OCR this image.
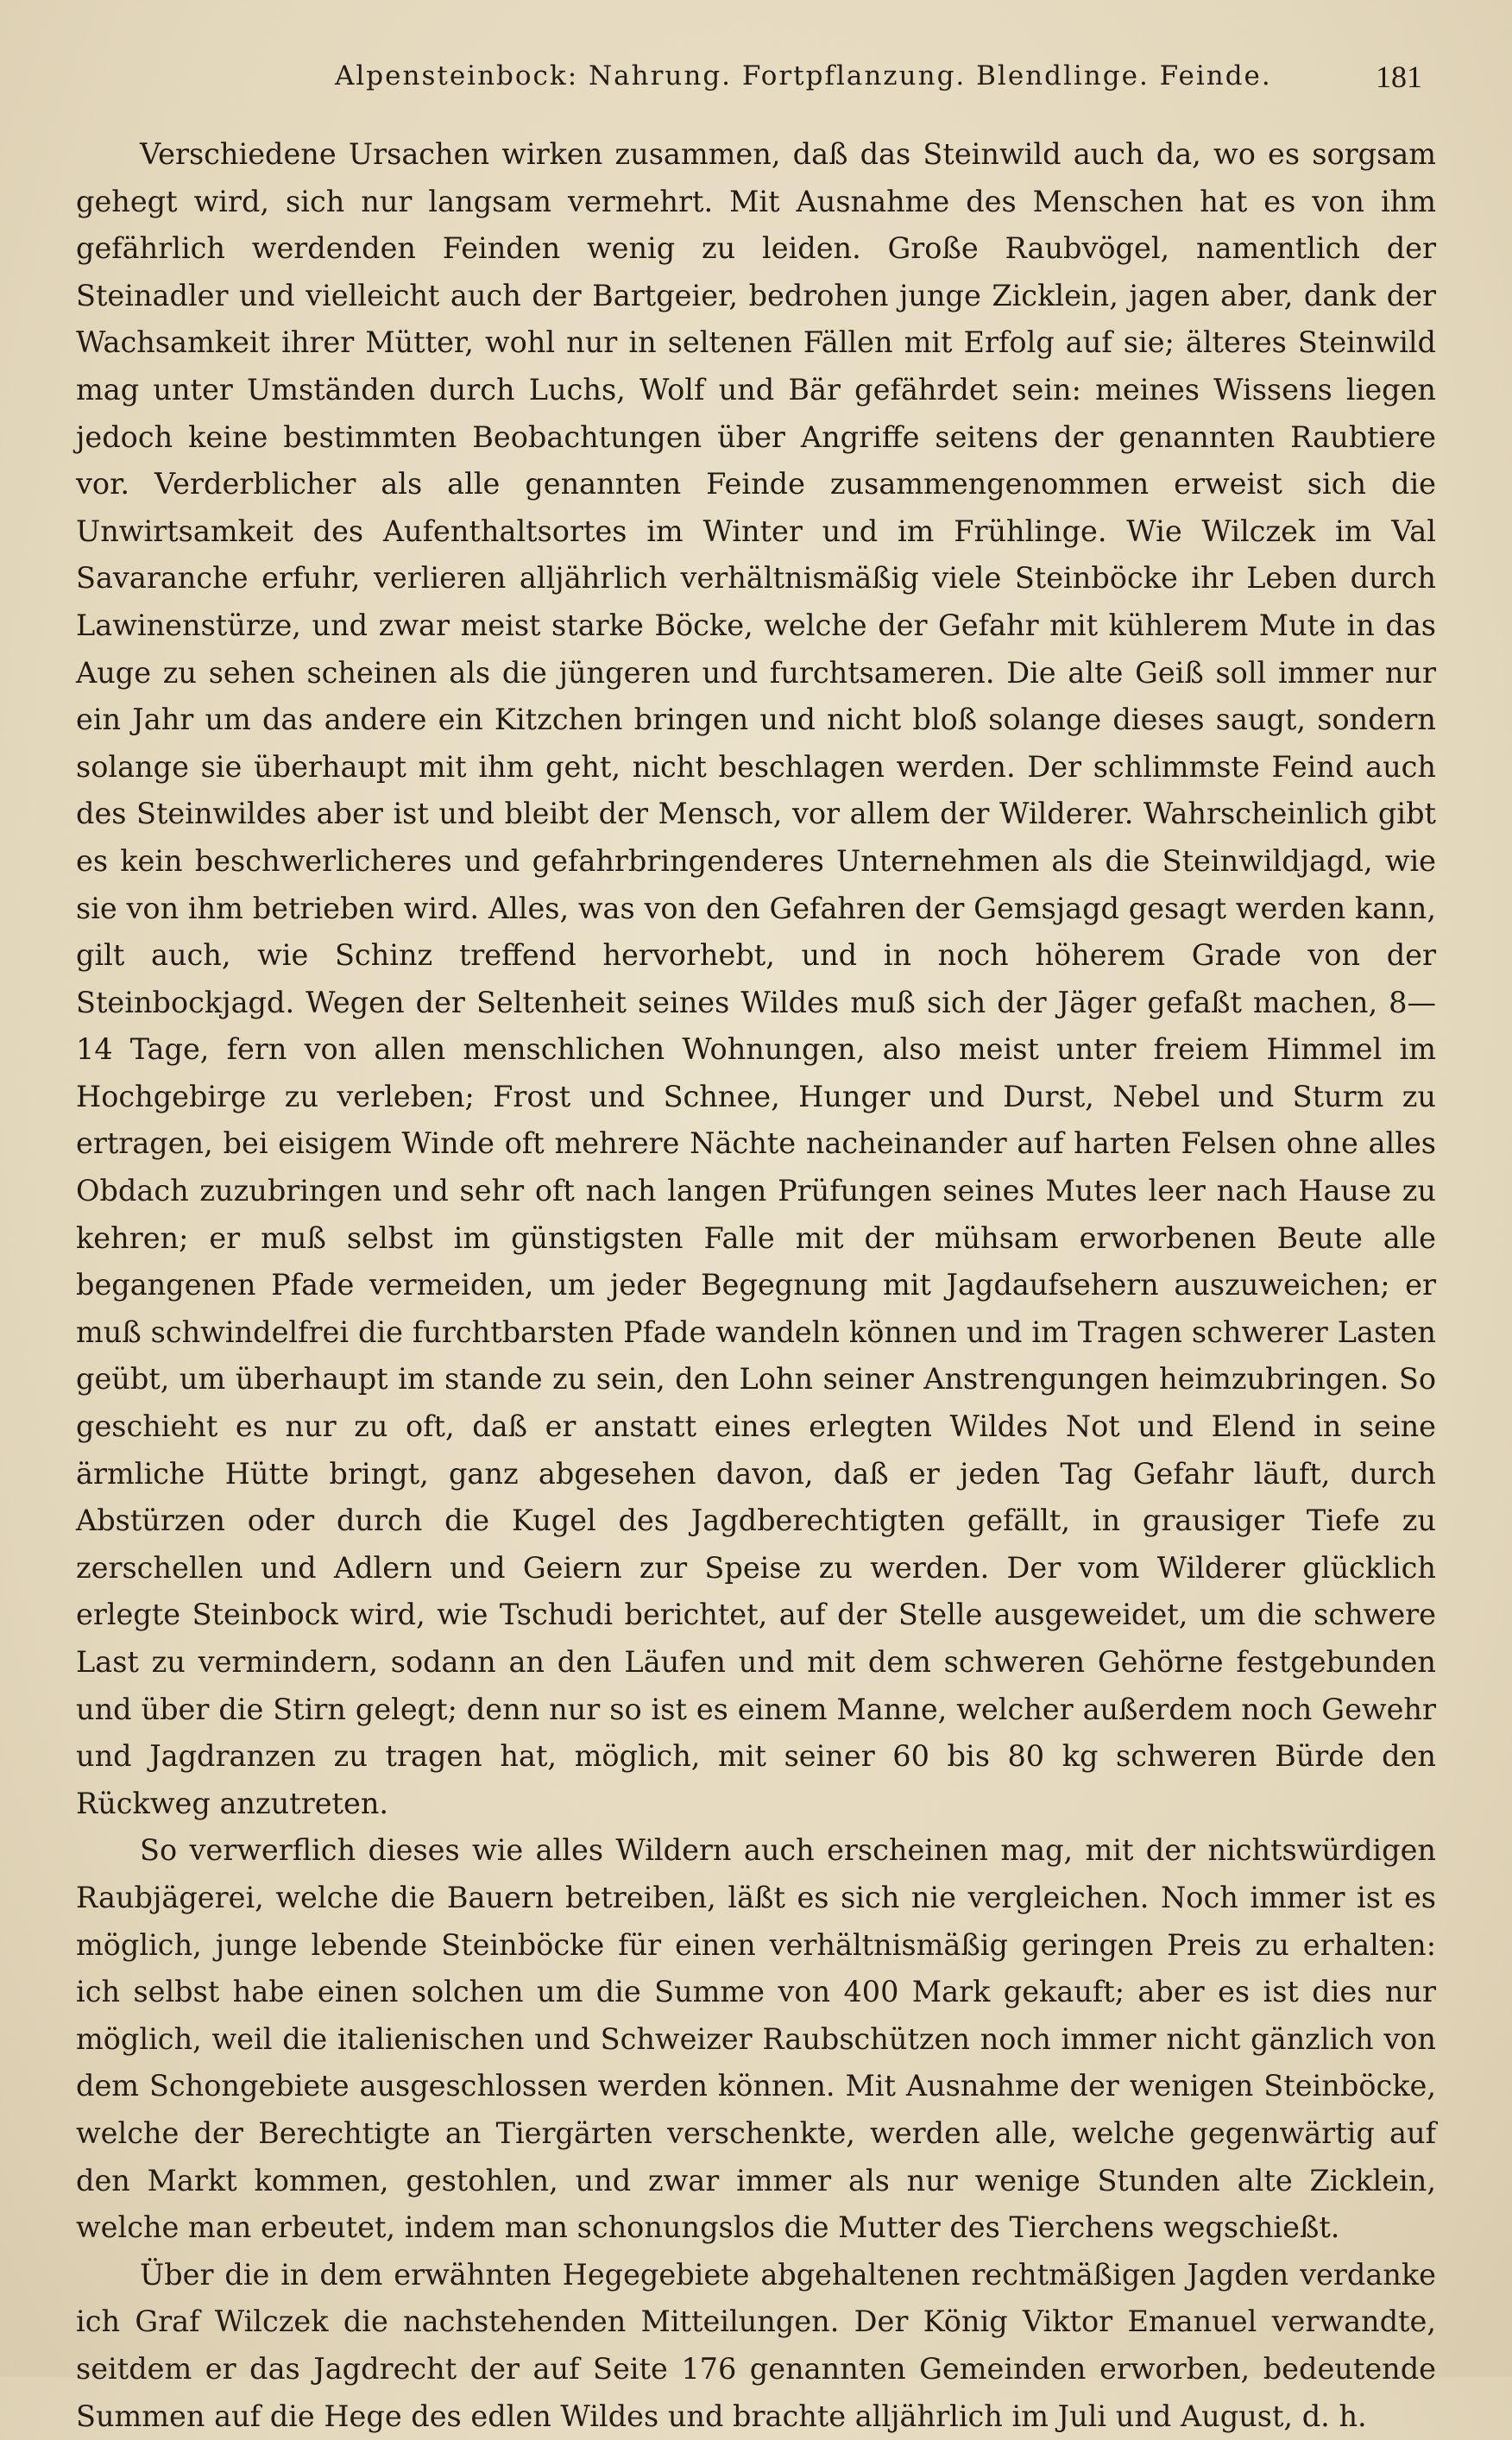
Alpensteinbock: Nahrung. Fortpflanzung. Blendlinge. Feinde.	181

Verschiedene Ursachen wirken zusammen, daß das Steinwild auch da, wo es sorgsam gehegt wird, sich nur langsam vermehrt. Mit Ausnahme des Menschen hat es von ihm gefährlich werdenden Feinden wenig zu leiden. Große Raubvögel, namentlich der Steinadler und vielleicht auch der Bartgeier, bedrohen junge Zicklein, jagen aber, dank der Wachsamkeit ihrer Mütter, wohl nur in seltenen Fällen mit Erfolg auf sie; älteres Steinwild mag unter Umständen durch Luchs, Wolf und Bär gefährdet sein: meines Wissens liegen jedoch keine bestimmten Beobachtungen über Angriffe seitens der genannten Raubtiere vor. Verderblicher als alle genannten Feinde zusammengenommen erweist sich die Unwirtsamkeit des Aufenthaltsortes im Winter und im Frühlinge. Wie Wilczek im Val Savaranche erfuhr, verlieren alljährlich verhältnismäßig viele Steinböcke ihr Leben durch Lawinenstürze, und zwar meist starke Böcke, welche der Gefahr mit kühlerem Mute in das Auge zu sehen scheinen als die jüngeren und furchtsameren. Die alte Geiß soll immer nur ein Jahr um das andere ein Kitzchen bringen und nicht bloß solange dieses saugt, sondern solange sie überhaupt mit ihm geht, nicht beschlagen werden. Der schlimmste Feind auch des Steinwildes aber ist und bleibt der Mensch, vor allem der Wilderer. Wahrscheinlich gibt es kein beschwerlicheres und gefahrbringenderes Unternehmen als die Steinwildjagd, wie sie von ihm betrieben wird. Alles, was von den Gefahren der Gemsjagd gesagt werden kann, gilt auch, wie Schinz treffend hervorhebt, und in noch höherem Grade von der Steinbockjagd. Wegen der Seltenheit seines Wildes muß sich der Jäger gefaßt machen, 8—14 Tage, fern von allen menschlichen Wohnungen, also meist unter freiem Himmel im Hochgebirge zu verleben; Frost und Schnee, Hunger und Durst, Nebel und Sturm zu ertragen, bei eisigem Winde oft mehrere Nächte nacheinander auf harten Felsen ohne alles Obdach zuzubringen und sehr oft nach langen Prüfungen seines Mutes leer nach Hause zu kehren; er muß selbst im günstigsten Falle mit der mühsam erworbenen Beute alle begangenen Pfade vermeiden, um jeder Begegnung mit Jagdaufsehern auszuweichen; er muß schwindelfrei die furchtbarsten Pfade wandeln können und im Tragen schwerer Lasten geübt, um überhaupt im stande zu sein, den Lohn seiner Anstrengungen heimzubringen. So geschieht es nur zu oft, daß er anstatt eines erlegten Wildes Not und Elend in seine ärmliche Hütte bringt, ganz abgesehen davon, daß er jeden Tag Gefahr läuft, durch Abstürzen oder durch die Kugel des Jagdberechtigten gefällt, in grausiger Tiefe zu zerschellen und Adlern und Geiern zur Speise zu werden. Der vom Wilderer glücklich erlegte Steinbock wird, wie Tschudi berichtet, auf der Stelle ausgeweidet, um die schwere Last zu vermindern, sodann an den Läufen und mit dem schweren Gehörne festgebunden und über die Stirn gelegt; denn nur so ist es einem Manne, welcher außerdem noch Gewehr und Jagdranzen zu tragen hat, möglich, mit seiner 60 bis 80 kg schweren Bürde den Rückweg anzutreten.

So verwerflich dieses wie alles Wildern auch erscheinen mag, mit der nichtswürdigen Raubjägerei, welche die Bauern betreiben, läßt es sich nie vergleichen. Noch immer ist es möglich, junge lebende Steinböcke für einen verhältnismäßig geringen Preis zu erhalten: ich selbst habe einen solchen um die Summe von 400 Mark gekauft; aber es ist dies nur möglich, weil die italienischen und Schweizer Raubschützen noch immer nicht gänzlich von dem Schongebiete ausgeschlossen werden können. Mit Ausnahme der wenigen Steinböcke, welche der Berechtigte an Tiergärten verschenkte, werden alle, welche gegenwärtig auf den Markt kommen, gestohlen, und zwar immer als nur wenige Stunden alte Zicklein, welche man erbeutet, indem man schonungslos die Mutter des Tierchens wegschießt.

Über die in dem erwähnten Hegegebiete abgehaltenen rechtmäßigen Jagden verdanke ich Graf Wilczek die nachstehenden Mitteilungen. Der König Viktor Emanuel verwandte, seitdem er das Jagdrecht der auf Seite 176 genannten Gemeinden erworben, bedeutende Summen auf die Hege des edlen Wildes und brachte alljährlich im Juli und August, d. h.
